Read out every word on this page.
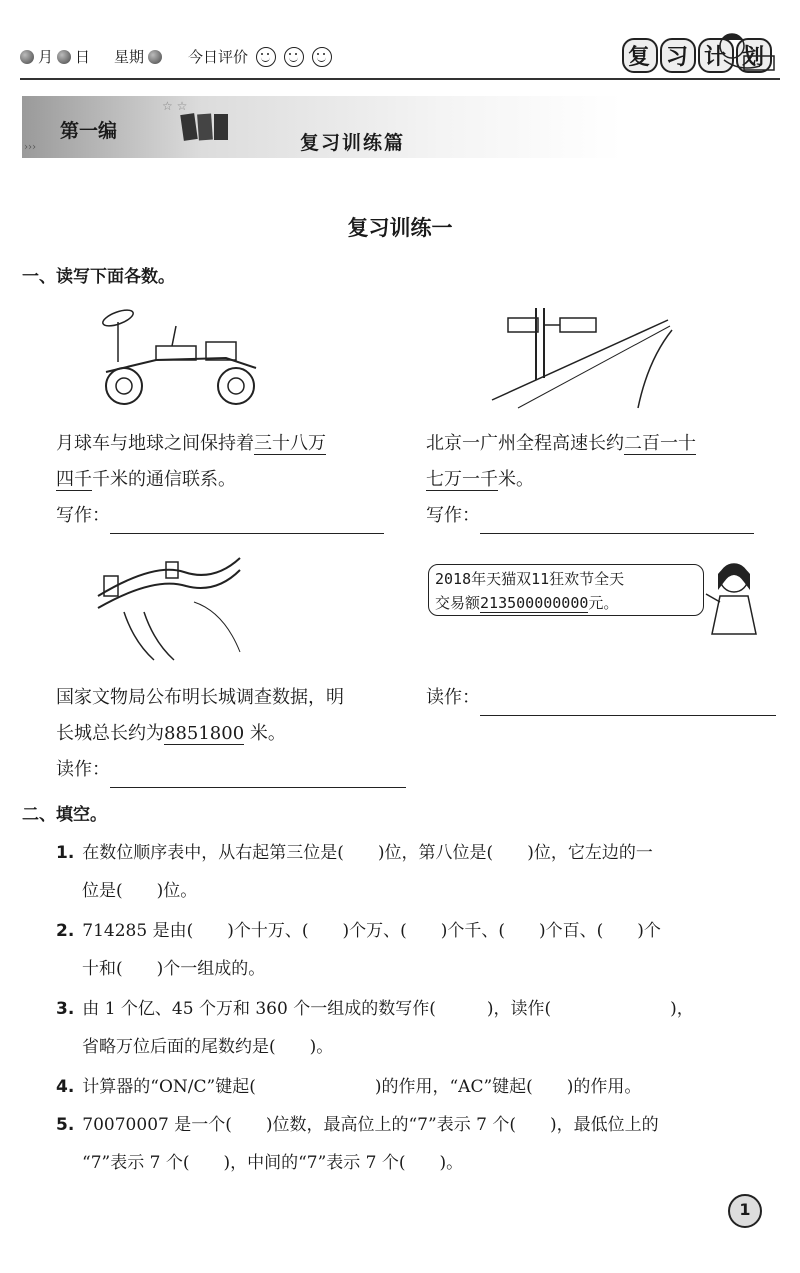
月 日 星期	今日评价	复 习 计 划
第一编
☆ ☆
›››	复习训练篇
复习训练一
一、读写下面各数。
月球车与地球之间保持着三十八万
四千千米的通信联系。
写作：
北京一广州全程高速长约二百一十
七万一千米。
写作：
国家文物局公布明长城调查数据，明
长城总长约为8851800 米。
读作：
2018年天猫双11狂欢节全天
交易额213500000000元。
读作：
二、填空。
1. 在数位顺序表中，从右起第三位是(　　)位，第八位是(　　)位，它左边的一
位是(　　)位。
2. 714285 是由(　　)个十万、(　　)个万、(　　)个千、(　　)个百、(　　)个
十和(　　)个一组成的。
3. 由 1 个亿、45 个万和 360 个一组成的数写作(　　　)，读作(　　　　　　　)，
省略万位后面的尾数约是(　　)。
4. 计算器的“ON/C”键起(　　　　　　　)的作用，“AC”键起(　　)的作用。
5. 70070007 是一个(　　)位数，最高位上的“7”表示 7 个(　　)，最低位上的
“7”表示 7 个(　　)，中间的“7”表示 7 个(　　)。
1
